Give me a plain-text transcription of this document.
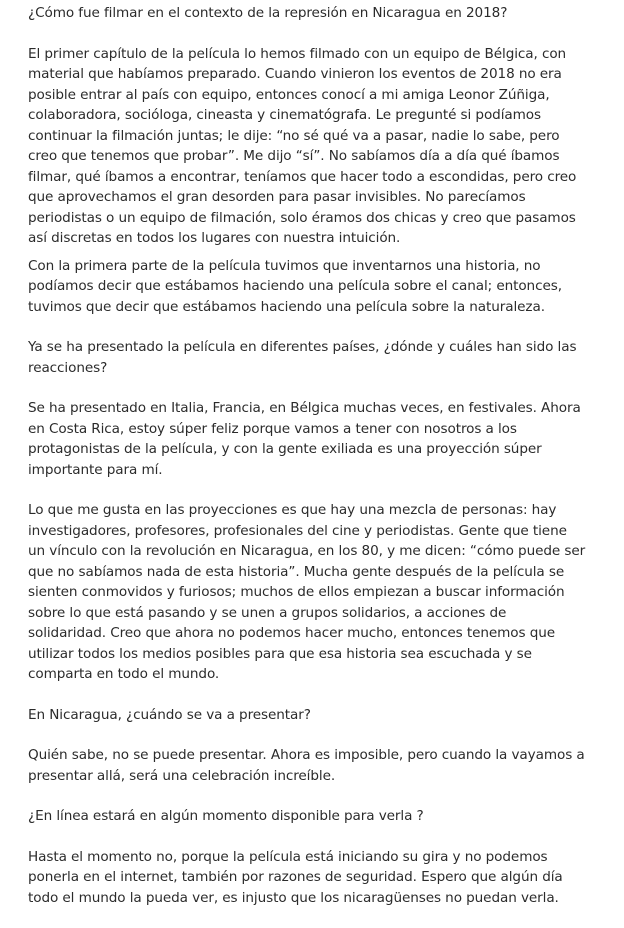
¿Cómo fue filmar en el contexto de la represión en Nicaragua en 2018?

El primer capítulo de la película lo hemos filmado con un equipo de Bélgica, con material que habíamos preparado. Cuando vinieron los eventos de 2018 no era posible entrar al país con equipo, entonces conocí a mi amiga Leonor Zúñiga, colaboradora, socióloga, cineasta y cinematógrafa. Le pregunté si podíamos continuar la filmación juntas; le dije: “no sé qué va a pasar, nadie lo sabe, pero creo que tenemos que probar”. Me dijo “sí”. No sabíamos día a día qué íbamos filmar, qué íbamos a encontrar, teníamos que hacer todo a escondidas, pero creo que aprovechamos el gran desorden para pasar invisibles. No parecíamos periodistas o un equipo de filmación, solo éramos dos chicas y creo que pasamos así discretas en todos los lugares con nuestra intuición.

Con la primera parte de la película tuvimos que inventarnos una historia, no podíamos decir que estábamos haciendo una película sobre el canal; entonces, tuvimos que decir que estábamos haciendo una película sobre la naturaleza.

Ya se ha presentado la película en diferentes países, ¿dónde y cuáles han sido las reacciones?

Se ha presentado en Italia, Francia, en Bélgica muchas veces, en festivales. Ahora en Costa Rica, estoy súper feliz porque vamos a tener con nosotros a los protagonistas de la película, y con la gente exiliada es una proyección súper importante para mí.

Lo que me gusta en las proyecciones es que hay una mezcla de personas: hay investigadores, profesores, profesionales del cine y periodistas. Gente que tiene un vínculo con la revolución en Nicaragua, en los 80, y me dicen: “cómo puede ser que no sabíamos nada de esta historia”. Mucha gente después de la película se sienten conmovidos y furiosos; muchos de ellos empiezan a buscar información sobre lo que está pasando y se unen a grupos solidarios, a acciones de solidaridad. Creo que ahora no podemos hacer mucho, entonces tenemos que utilizar todos los medios posibles para que esa historia sea escuchada y se comparta en todo el mundo.

En Nicaragua, ¿cuándo se va a presentar?

Quién sabe, no se puede presentar. Ahora es imposible, pero cuando la vayamos a presentar allá, será una celebración increíble.

¿En línea estará en algún momento disponible para verla ?

Hasta el momento no, porque la película está iniciando su gira y no podemos ponerla en el internet, también por razones de seguridad. Espero que algún día todo el mundo la pueda ver, es injusto que los nicaragüenses no puedan verla.
